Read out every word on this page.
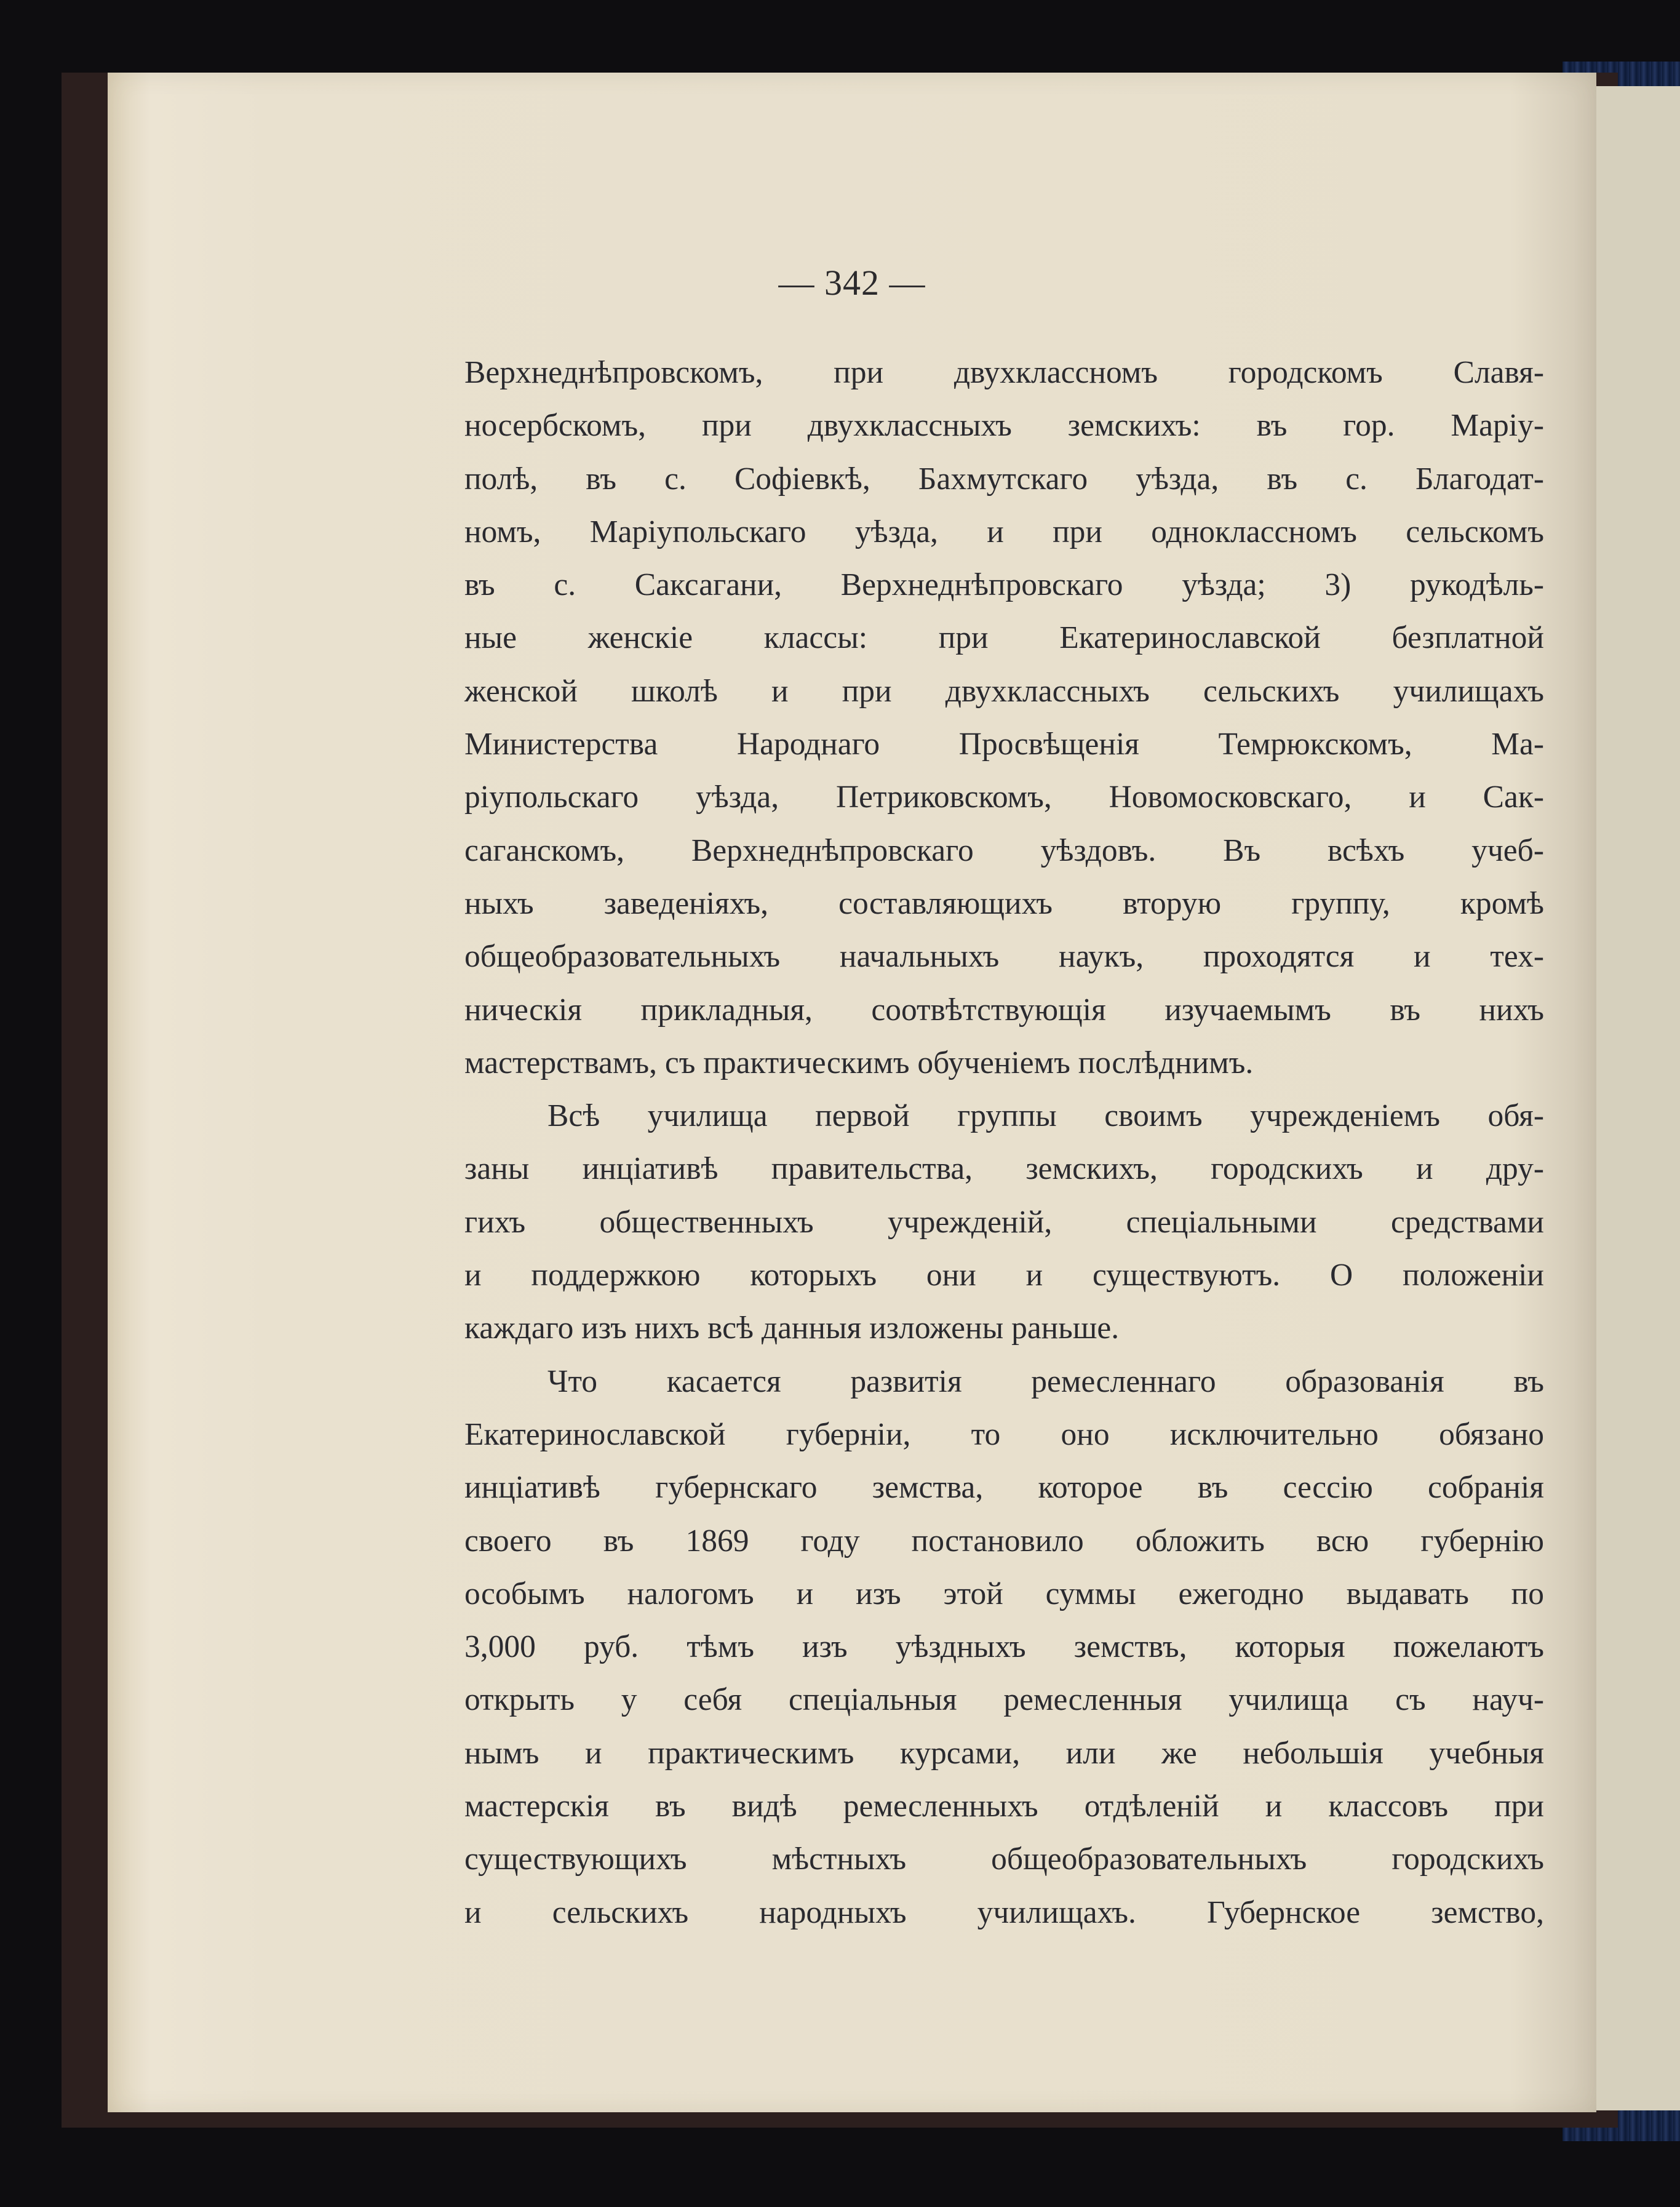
— 342 —
Верхнеднѣпровскомъ, при двухклассномъ городскомъ Славя-
носербскомъ, при двухклассныхъ земскихъ: въ гор. Маріу-
полѣ, въ с. Софіевкѣ, Бахмутскаго уѣзда, въ с. Благодат-
номъ, Маріупольскаго уѣзда, и при одноклассномъ сельскомъ
въ с. Саксагани, Верхнеднѣпровскаго уѣзда; 3) рукодѣль-
ные женскіе классы: при Екатеринославской безплатной
женской школѣ и при двухклассныхъ сельскихъ училищахъ
Министерства Народнаго Просвѣщенія Темрюкскомъ, Ма-
ріупольскаго уѣзда, Петриковскомъ, Новомосковскаго, и Сак-
саганскомъ, Верхнеднѣпровскаго уѣздовъ. Въ всѣхъ учеб-
ныхъ заведеніяхъ, составляющихъ вторую группу, кромѣ
общеобразовательныхъ начальныхъ наукъ, проходятся и тех-
ническія прикладныя, соотвѣтствующія изучаемымъ въ нихъ
мастерствамъ, съ практическимъ обученіемъ послѣднимъ.
Всѣ училища первой группы своимъ учрежденіемъ обя-
заны инціативѣ правительства, земскихъ, городскихъ и дру-
гихъ общественныхъ учрежденій, спеціальными средствами
и поддержкою которыхъ они и существуютъ. О положеніи
каждаго изъ нихъ всѣ данныя изложены раньше.
Что касается развитія ремесленнаго образованія въ
Екатеринославской губерніи, то оно исключительно обязано
инціативѣ губернскаго земства, которое въ сессію собранія
своего въ 1869 году постановило обложить всю губернію
особымъ налогомъ и изъ этой суммы ежегодно выдавать по
3,000 руб. тѣмъ изъ уѣздныхъ земствъ, которыя пожелаютъ
открыть у себя спеціальныя ремесленныя училища съ науч-
нымъ и практическимъ курсами, или же небольшія учебныя
мастерскія въ видѣ ремесленныхъ отдѣленій и классовъ при
существующихъ мѣстныхъ общеобразовательныхъ городскихъ
и сельскихъ народныхъ училищахъ. Губернское земство,
